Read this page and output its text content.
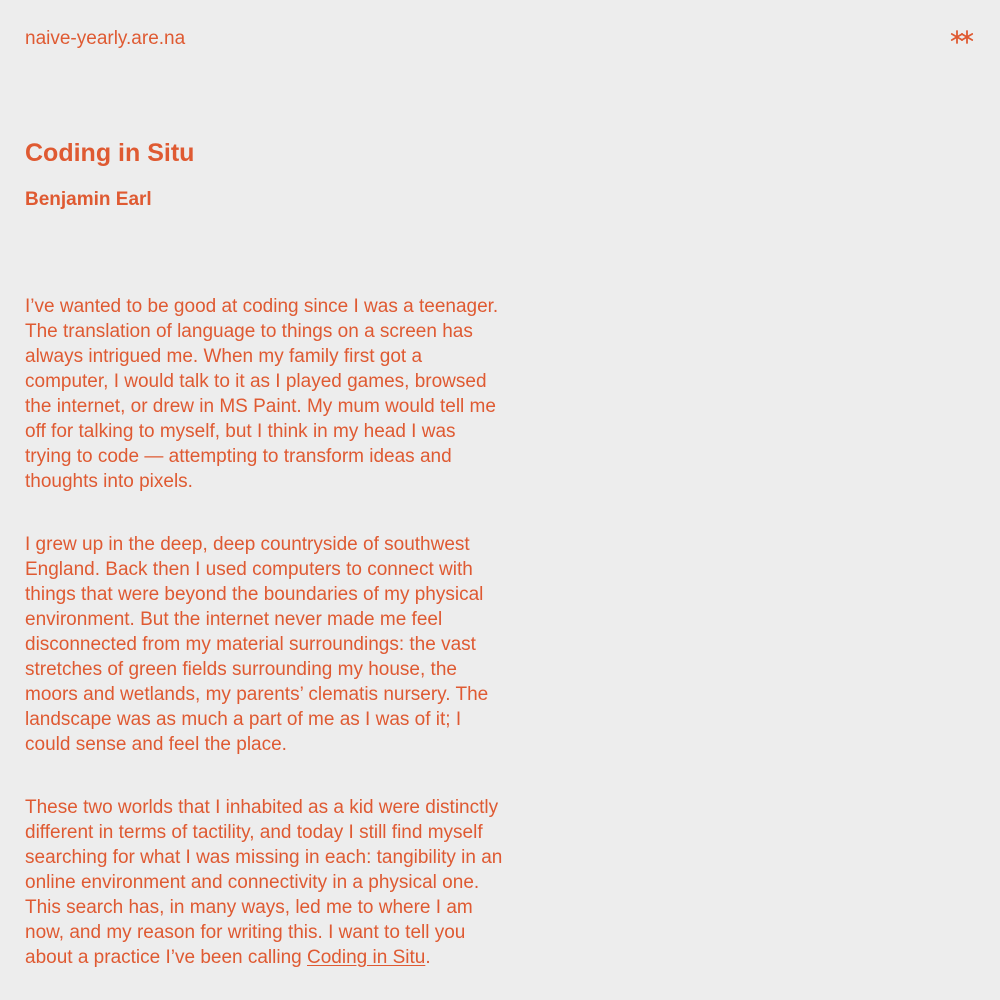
naive-yearly.are.na
Coding in Situ
Benjamin Earl

I’ve wanted to be good at coding since I was a teenager. The translation of language to things on a screen has always intrigued me. When my family first got a computer, I would talk to it as I played games, browsed the internet, or drew in MS Paint. My mum would tell me off for talking to myself, but I think in my head I was trying to code — attempting to transform ideas and thoughts into pixels.

I grew up in the deep, deep countryside of southwest England. Back then I used computers to connect with things that were beyond the boundaries of my physical environment. But the internet never made me feel disconnected from my material surroundings: the vast stretches of green fields surrounding my house, the moors and wetlands, my parents’ clematis nursery. The landscape was as much a part of me as I was of it; I could sense and feel the place.

These two worlds that I inhabited as a kid were distinctly different in terms of tactility, and today I still find myself searching for what I was missing in each: tangibility in an online environment and connectivity in a physical one. This search has, in many ways, led me to where I am now, and my reason for writing this. I want to tell you about a practice I’ve been calling Coding in Situ.
